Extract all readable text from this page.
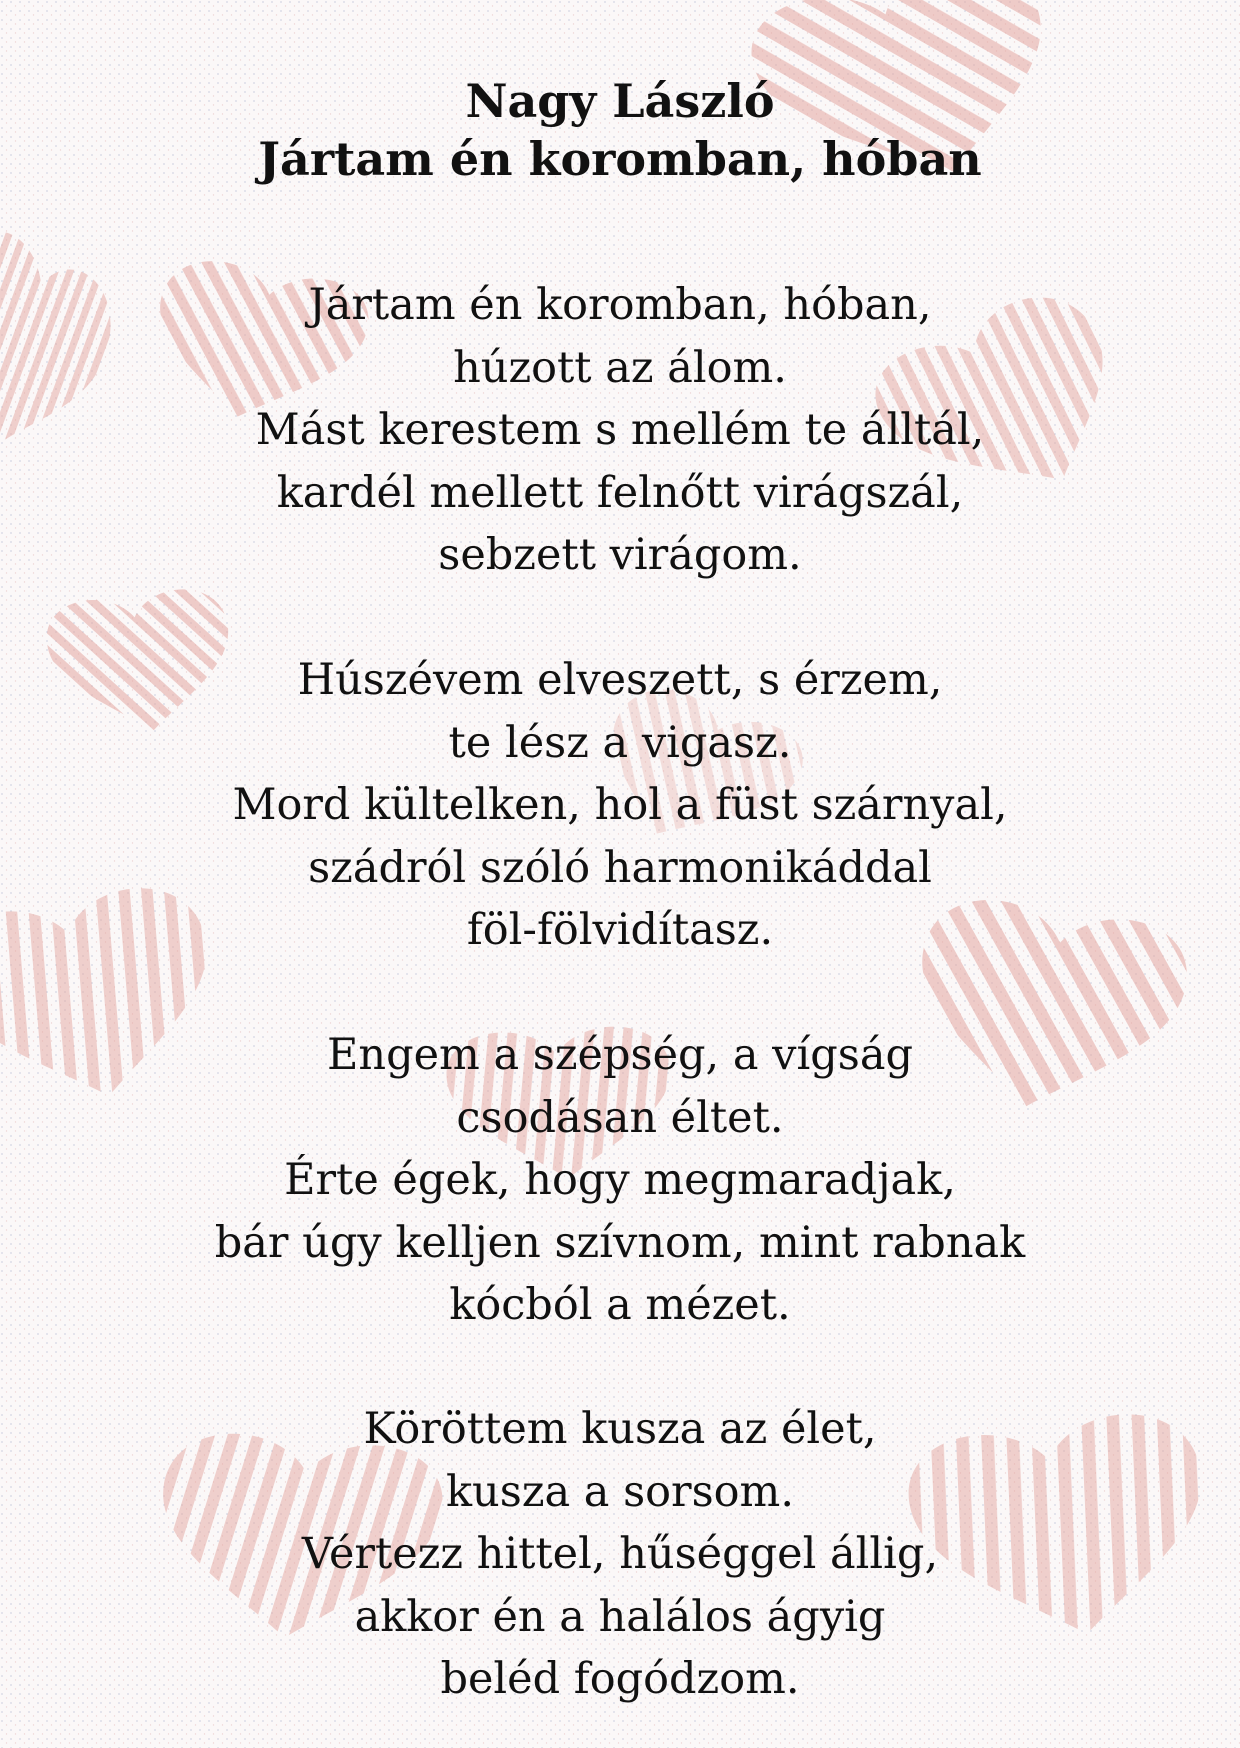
Nagy László
Jártam én koromban, hóban
Jártam én koromban, hóban,
húzott az álom.
Mást kerestem s mellém te álltál,
kardél mellett felnőtt virágszál,
sebzett virágom.
Húszévem elveszett, s érzem,
te lész a vigasz.
Mord kültelken, hol a füst szárnyal,
szádról szóló harmonikáddal
föl-fölvidítasz.
Engem a szépség, a vígság
csodásan éltet.
Érte égek, hogy megmaradjak,
bár úgy kelljen szívnom, mint rabnak
kócból a mézet.
Köröttem kusza az élet,
kusza a sorsom.
Vértezz hittel, hűséggel állig,
akkor én a halálos ágyig
beléd fogódzom.
